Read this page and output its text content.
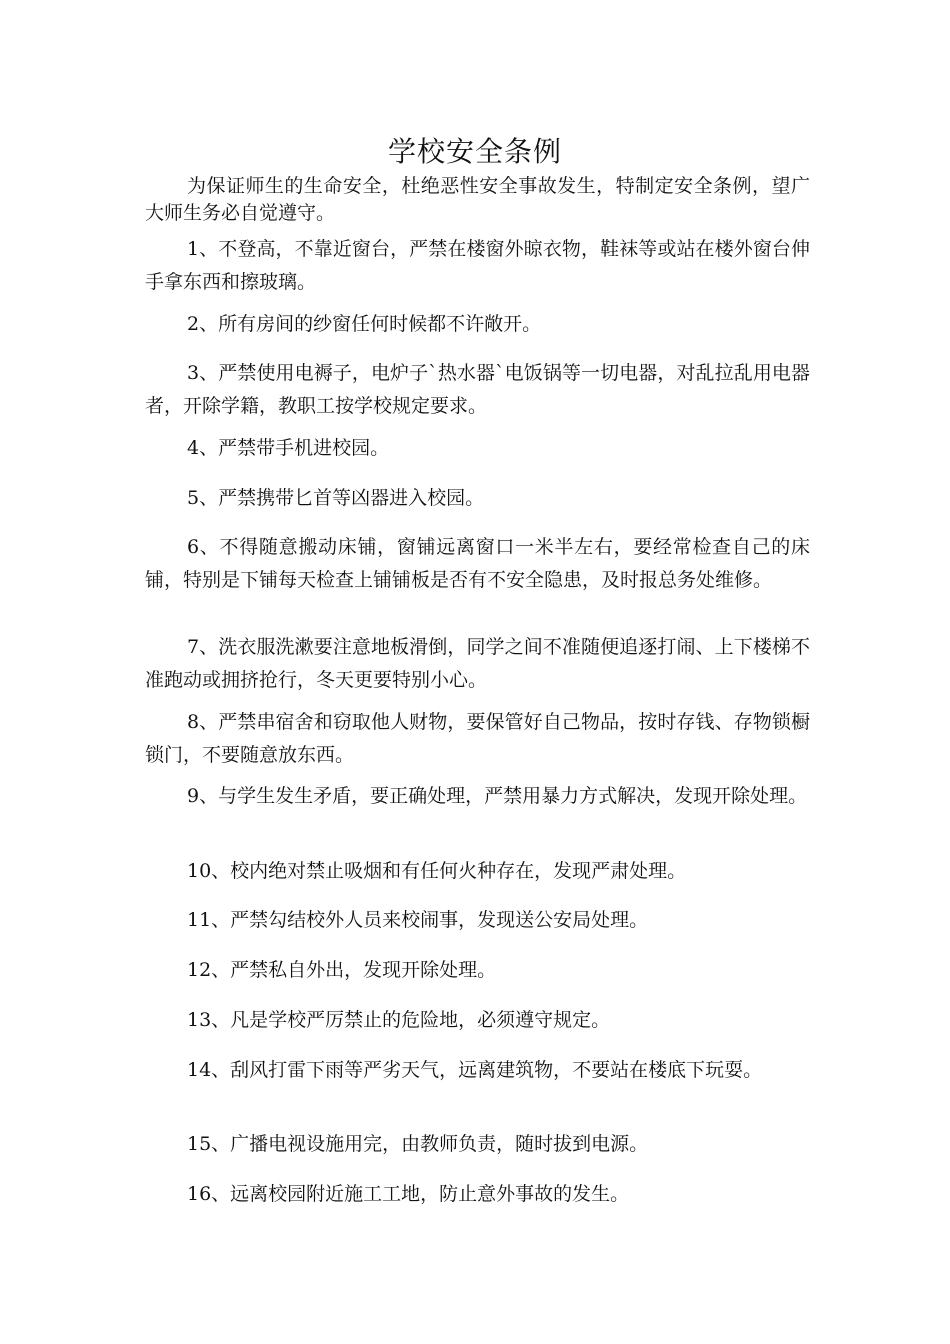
学校安全条例
为保证师生的生命安全，杜绝恶性安全事故发生，特制定安全条例，望广大师生务必自觉遵守。
1、不登高，不靠近窗台，严禁在楼窗外晾衣物，鞋袜等或站在楼外窗台伸手拿东西和擦玻璃。
2、所有房间的纱窗任何时候都不许敞开。
3、严禁使用电褥子，电炉子`热水器`电饭锅等一切电器，对乱拉乱用电器者，开除学籍，教职工按学校规定要求。
4、严禁带手机进校园。
5、严禁携带匕首等凶器进入校园。
6、不得随意搬动床铺，窗铺远离窗口一米半左右，要经常检查自己的床铺，特别是下铺每天检查上铺铺板是否有不安全隐患，及时报总务处维修。
7、洗衣服洗漱要注意地板滑倒，同学之间不准随便追逐打闹、上下楼梯不准跑动或拥挤抢行，冬天更要特别小心。
8、严禁串宿舍和窃取他人财物，要保管好自己物品，按时存钱、存物锁橱锁门，不要随意放东西。
9、与学生发生矛盾，要正确处理，严禁用暴力方式解决，发现开除处理。
10、校内绝对禁止吸烟和有任何火种存在，发现严肃处理。
11、严禁勾结校外人员来校闹事，发现送公安局处理。
12、严禁私自外出，发现开除处理。
13、凡是学校严厉禁止的危险地，必须遵守规定。
14、刮风打雷下雨等严劣天气，远离建筑物，不要站在楼底下玩耍。
15、广播电视设施用完，由教师负责，随时拔到电源。
16、远离校园附近施工工地，防止意外事故的发生。
